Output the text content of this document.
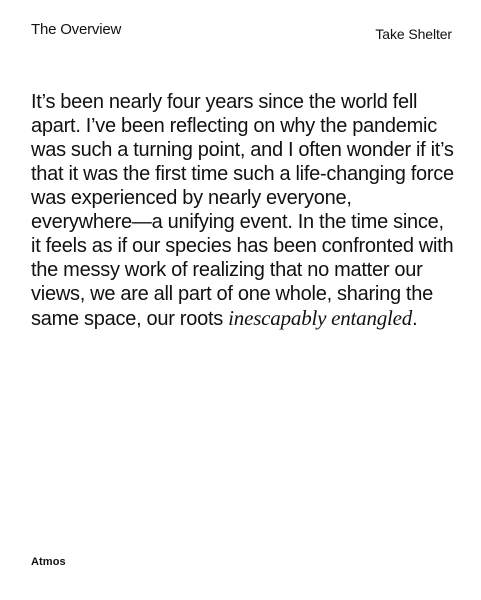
The Overview	Take Shelter

It’s been nearly four years since the world fell apart. I’ve been reflecting on why the pandemic was such a turning point, and I often wonder if it’s that it was the first time such a life-changing force was experienced by nearly everyone, everywhere—a unifying event. In the time since, it feels as if our species has been confronted with the messy work of realizing that no matter our views, we are all part of one whole, sharing the same space, our roots inescapably entangled.

Atmos
